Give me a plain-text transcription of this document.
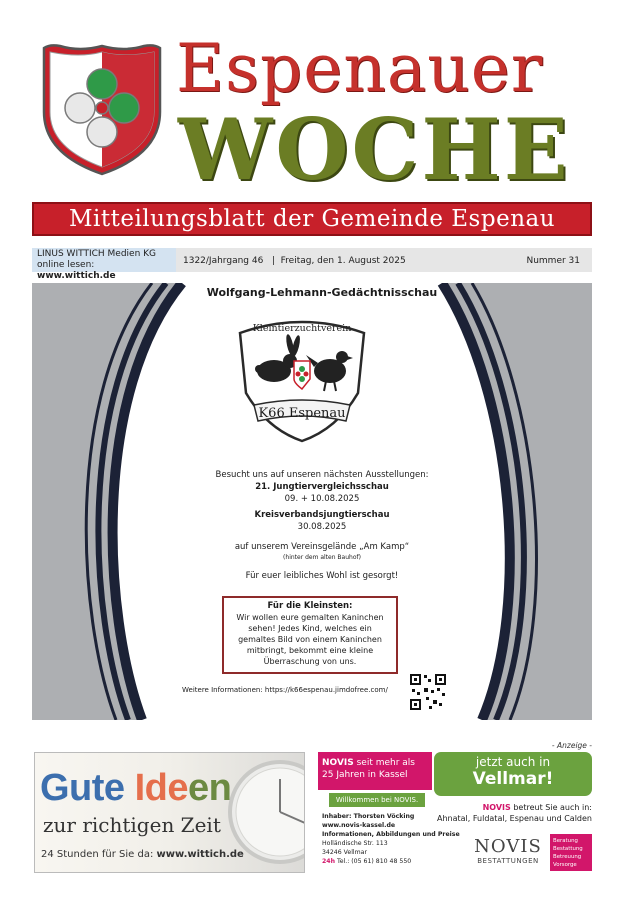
Espenauer
WOCHE
Mitteilungsblatt der Gemeinde Espenau
LINUS WITTICH Medien KG
online lesen: www.wittich.de
1322/Jahrgang 46   |  Freitag, den 1. August 2025	Nummer 31
Wolfgang-Lehmann-Gedächtnisschau
Kleintierzuchtverein
K66 Espenau
Besucht uns auf unseren nächsten Ausstellungen:
21. Jungtiervergleichsschau
09. + 10.08.2025
Kreisverbandsjungtierschau
30.08.2025
auf unserem Vereinsgelände „Am Kamp“
(hinter dem alten Bauhof)
Für euer leibliches Wohl ist gesorgt!
Für die Kleinsten:
Wir wollen eure gemalten Kaninchen
sehen! Jedes Kind, welches ein
gemaltes Bild von einem Kaninchen
mitbringt, bekommt eine kleine
Überraschung von uns.
Weitere Informationen: https://k66espenau.jimdofree.com/
- Anzeige -
Gute Ideen
zur richtigen Zeit
24 Stunden für Sie da: www.wittich.de
NOVIS seit mehr als
25 Jahren in Kassel
jetzt auch in
Vellmar!
Willkommen bei NOVIS.
Inhaber: Thorsten Vöcking
www.novis-kassel.de
Informationen, Abbildungen und Preise
Holländische Str. 113
34246 Vellmar
24h Tel.: (05 61) 810 48 550
NOVIS betreut Sie auch in:
Ahnatal, Fuldatal, Espenau und Calden
NOVIS
BESTATTUNGEN
Beratung
Bestattung
Betreuung
Vorsorge
